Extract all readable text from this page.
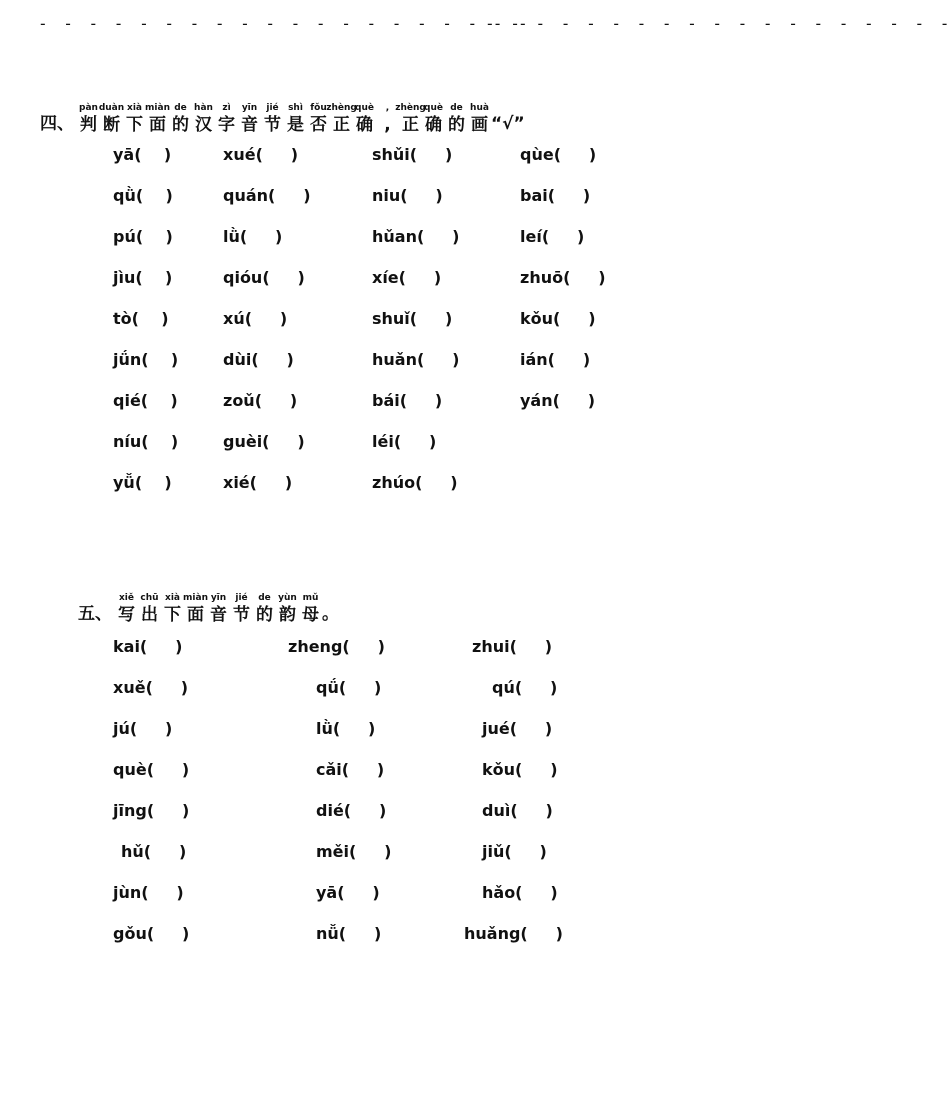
- - - - - - - - - - - - - - - - - - - -
- - - - - - - - - - - - - - - - - - -
四、
pàn
判
duàn
断
xià
下
miàn
面
de
的
hàn
汉
zì
字
yīn
音
jié
节
shì
是
fǒu
否
zhèng
正
què
确
,
,
zhèng
正
què
确
de
的
huà
画 “√”
yā(    )	xué(     )	shǔi(     )	qùe(     )
qǜ(    )	quán(     )	niu(     )	bai(     )
pú(    )	lǜ(     )	hǔan(     )	leí(     )
jìu(    )	qióu(     )	xíe(     )	zhuō(     )
tò(    )	xú(     )	shuǐ(     )	kǒu(     )
jǘn(    )	dùi(     )	huǎn(     )	ián(     )
qié(    )	zoǔ(     )	bái(     )	yán(     )
níu(    )	guèi(     )	léi(     )
yǚ(    )	xié(     )	zhúo(     )
五、
xiě
写
chū
出
xià
下
miàn
面
yīn
音
jié
节
de
的
yùn
韵
mǔ
母 。
kai(     )	zheng(     )	zhui(     )
xuě(     )	qǘ(     )	qú(     )
jú(     )	lǜ(     )	jué(     )
què(     )	cǎi(     )	kǒu(     )
jīng(     )	dié(     )	duì(     )
hǔ(     )	měi(     )	jiǔ(     )
jùn(     )	yā(     )	hǎo(     )
gǒu(     )	nǚ(     )	huǎng(     )
